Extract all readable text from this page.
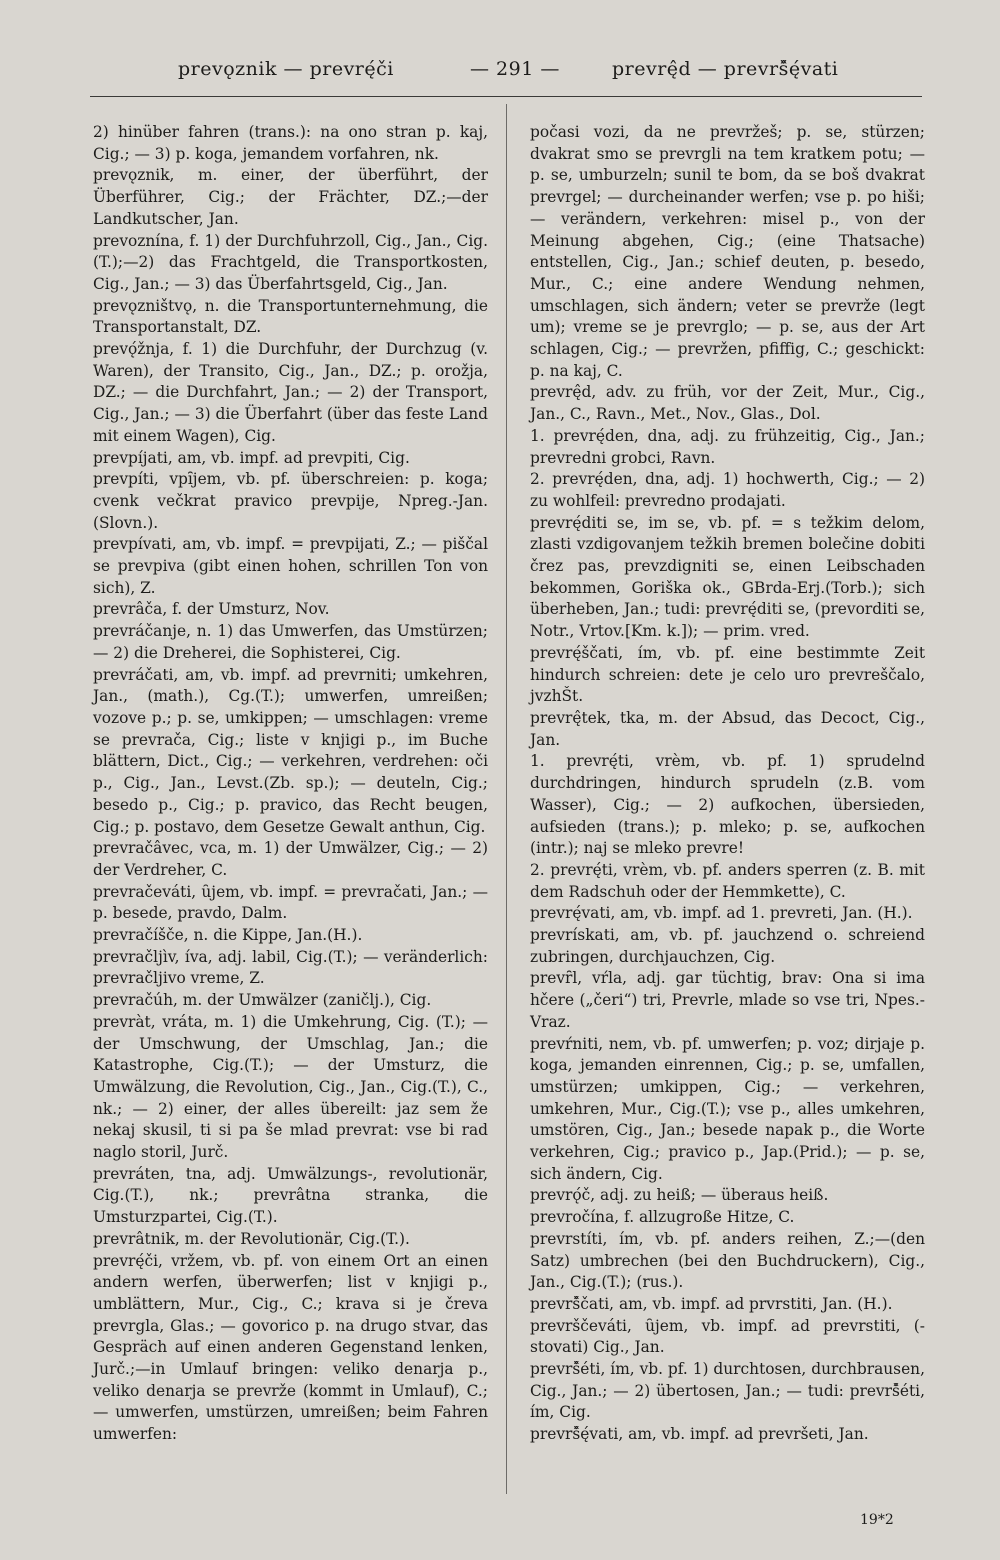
prevǫznik — prevrę́či	— 291 —	prevrę̂d — prevrš̂ę́vati

2) hinüber fahren (trans.): na ono stran p. kaj, Cig.; — 3) p. koga, jemandem vorfahren, nk.

prevǫznik, m. einer, der überführt, der Überführer, Cig.; der Frächter, DZ.;—der Landkutscher, Jan.

prevoznína, f. 1) der Durchfuhrzoll, Cig., Jan., Cig.(T.);—2) das Frachtgeld, die Transportkosten, Cig., Jan.; — 3) das Überfahrtsgeld, Cig., Jan.

prevǫzništvǫ, n. die Transportunternehmung, die Transportanstalt, DZ.

prevǫ́žnja, f. 1) die Durchfuhr, der Durchzug (v. Waren), der Transito, Cig., Jan., DZ.; p. orožja, DZ.; — die Durchfahrt, Jan.; — 2) der Transport, Cig., Jan.; — 3) die Überfahrt (über das feste Land mit einem Wagen), Cig.

prevpíjati, am, vb. impf. ad prevpiti, Cig.

prevpíti, vpȋjem, vb. pf. überschreien: p. koga; cvenk večkrat pravico prevpije, Npreg.-Jan. (Slovn.).

prevpívati, am, vb. impf. = prevpijati, Z.; — piščal se prevpiva (gibt einen hohen, schrillen Ton von sich), Z.

prevrâča, f. der Umsturz, Nov.

prevráčanje, n. 1) das Umwerfen, das Umstürzen; — 2) die Dreherei, die Sophisterei, Cig.

prevráčati, am, vb. impf. ad prevrniti; umkehren, Jan., (math.), Cg.(T.); umwerfen, umreißen; vozove p.; p. se, umkippen; — umschlagen: vreme se prevrača, Cig.; liste v knjigi p., im Buche blättern, Dict., Cig.; — verkehren, verdrehen: oči p., Cig., Jan., Levst.(Zb. sp.); — deuteln, Cig.; besedo p., Cig.; p. pravico, das Recht beugen, Cig.; p. postavo, dem Gesetze Gewalt anthun, Cig.

prevračâvec, vca, m. 1) der Umwälzer, Cig.; — 2) der Verdreher, C.

prevračeváti, ȗjem, vb. impf. = prevračati, Jan.; — p. besede, pravdo, Dalm.

prevračíšče, n. die Kippe, Jan.(H.).

prevračljìv, íva, adj. labil, Cig.(T.); — veränderlich: prevračljivo vreme, Z.

prevračúh, m. der Umwälzer (zaničlj.), Cig.

prevràt, vráta, m. 1) die Umkehrung, Cig. (T.); — der Umschwung, der Umschlag, Jan.; die Katastrophe, Cig.(T.); — der Umsturz, die Umwälzung, die Revolution, Cig., Jan., Cig.(T.), C., nk.; — 2) einer, der alles übereilt: jaz sem že nekaj skusil, ti si pa še mlad prevrat: vse bi rad naglo storil, Jurč.

prevráten, tna, adj. Umwälzungs-, revolutionär, Cig.(T.), nk.; prevrâtna stranka, die Umsturzpartei, Cig.(T.).

prevrâtnik, m. der Revolutionär, Cig.(T.).

prevrę́či, vržem, vb. pf. von einem Ort an einen andern werfen, überwerfen; list v knjigi p., umblättern, Mur., Cig., C.; krava si je čreva prevrgla, Glas.; — govorico p. na drugo stvar, das Gespräch auf einen anderen Gegenstand lenken, Jurč.;—in Umlauf bringen: veliko denarja p., veliko denarja se prevrže (kommt in Umlauf), C.; — umwerfen, umstürzen, umreißen; beim Fahren umwerfen:

počasi vozi, da ne prevržeš; p. se, stürzen; dvakrat smo se prevrgli na tem kratkem potu; — p. se, umburzeln; sunil te bom, da se boš dvakrat prevrgel; — durcheinander werfen; vse p. po hiši; — verändern, verkehren: misel p., von der Meinung abgehen, Cig.; (eine Thatsache) entstellen, Cig., Jan.; schief deuten, p. besedo, Mur., C.; eine andere Wendung nehmen, umschlagen, sich ändern; veter se prevrže (legt um); vreme se je prevrglo; — p. se, aus der Art schlagen, Cig.; — prevržen, pfiffig, C.; geschickt: p. na kaj, C.

prevrę̂d, adv. zu früh, vor der Zeit, Mur., Cig., Jan., C., Ravn., Met., Nov., Glas., Dol.

1. prevrę́den, dna, adj. zu frühzeitig, Cig., Jan.; prevredni grobci, Ravn.

2. prevrę́den, dna, adj. 1) hochwerth, Cig.; — 2) zu wohlfeil: prevredno prodajati.

prevrę́diti se, im se, vb. pf. = s težkim delom, zlasti vzdigovanjem težkih bremen bolečine dobiti črez pas, prevzdigniti se, einen Leibschaden bekommen, Goriška ok., GBrda-Erj.(Torb.); sich überheben, Jan.; tudi: prevrę́diti se, (prevorditi se, Notr., Vrtov.[Km. k.]); — prim. vred.

prevrę́ščati, ím, vb. pf. eine bestimmte Zeit hindurch schreien: dete je celo uro prevreščalo, jvzhŠt.

prevrę̂tek, tka, m. der Absud, das Decoct, Cig., Jan.

1. prevrę́ti, vrèm, vb. pf. 1) sprudelnd durchdringen, hindurch sprudeln (z.B. vom Wasser), Cig.; — 2) aufkochen, übersieden, aufsieden (trans.); p. mleko; p. se, aufkochen (intr.); naj se mleko prevre!

2. prevrę́ti, vrèm, vb. pf. anders sperren (z. B. mit dem Radschuh oder der Hemmkette), C.

prevrę́vati, am, vb. impf. ad 1. prevreti, Jan. (H.).

prevrískati, am, vb. pf. jauchzend o. schreiend zubringen, durchjauchzen, Cig.

prevȓl, vŕla, adj. gar tüchtig, brav: Ona si ima hčere („čeri“) tri, Prevrle, mlade so vse tri, Npes.-Vraz.

prevŕniti, nem, vb. pf. umwerfen; p. voz; dirjaje p. koga, jemanden einrennen, Cig.; p. se, umfallen, umstürzen; umkippen, Cig.; — verkehren, umkehren, Mur., Cig.(T.); vse p., alles umkehren, umstören, Cig., Jan.; besede napak p., die Worte verkehren, Cig.; pravico p., Jap.(Prid.); — p. se, sich ändern, Cig.

prevrǫ́č, adj. zu heiß; — überaus heiß.

prevročína, f. allzugroße Hitze, C.

prevrstíti, ím, vb. pf. anders reihen, Z.;—(den Satz) umbrechen (bei den Buchdruckern), Cig., Jan., Cig.(T.); (rus.).

prevrš̂čati, am, vb. impf. ad prvrstiti, Jan. (H.).

prevrščeváti, ȗjem, vb. impf. ad prevrstiti, (-stovati) Cig., Jan.

prevrš̂éti, ím, vb. pf. 1) durchtosen, durchbrausen, Cig., Jan.; — 2) übertosen, Jan.; — tudi: prevrš̂éti, ím, Cig.

prevrš̂ę́vati, am, vb. impf. ad prevršeti, Jan.

19*2
